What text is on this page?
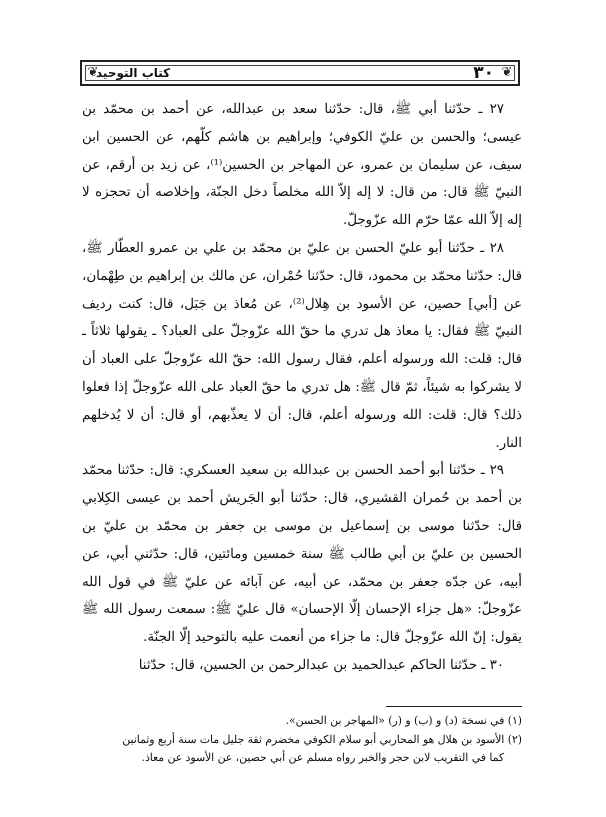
❦
٣٠
كتاب التوحيد
❦

٢٧ ـ حدّثنا أبي ﷺ، قال: حدّثنا سعد بن عبدالله، عن أحمد بن محمّد بن عيسى؛ والحسن بن عليّ الكوفي؛ وإبراهيم بن هاشم كلّهم، عن الحسين ابن سيف، عن سليمان بن عمرو، عن المهاجر بن الحسين⁽¹⁾، عن زيد بن أرقم، عن النبيّ ﷺ قال: من قال: لا إله إلاّ الله مخلصاً دخل الجنّة، وإخلاصه أن تحجزه لا إله إلاّ الله عمّا حرّم الله عزّوجلّ.

٢٨ ـ حدّثنا أبو عليّ الحسن بن عليّ بن محمّد بن علي بن عمرو العطّار ﷺ، قال: حدّثنا محمّد بن محمود، قال: حدّثنا حُمْران، عن مالك بن إبراهيم بن طِهْمان، عن [أبي] حصين، عن الأسود بن هِلال⁽²⁾، عن مُعاذ بن جَبَل، قال: كنت رديف النبيّ ﷺ فقال: يا معاذ هل تدري ما حقّ الله عزّوجلّ على العباد؟ ـ يقولها ثلاثاً ـ قال: قلت: الله ورسوله أعلم، فقال رسول الله: حقّ الله عزّوجلّ على العباد أن لا يشركوا به شيئاً، ثمّ قال ﷺ: هل تدري ما حقّ العباد على الله عزّوجلّ إذا فعلوا ذلك؟ قال: قلت: الله ورسوله أعلم، قال: أن لا يعذّبهم، أو قال: أن لا يُدخلهم النار.

٢٩ ـ حدّثنا أبو أحمد الحسن بن عبدالله بن سعيد العسكري: قال: حدّثنا محمّد بن أحمد بن حُمران القشيري، قال: حدّثنا أبو الجَريش أحمد بن عيسى الكِلابي قال: حدّثنا موسى بن إسماعيل بن موسى بن جعفر بن محمّد بن عليّ بن الحسين بن عليّ بن أبي طالب ﷺ سنة خمسين ومائتين، قال: حدّثني أبي، عن أبيه، عن جدّه جعفر بن محمّد، عن أبيه، عن آبائه عن عليّ ﷺ في قول الله عزّوجلّ: «هل جزاء الإحسان إلّا الإحسان» قال عليّ ﷺ: سمعت رسول الله ﷺ يقول: إنّ الله عزّوجلّ قال: ما جزاء من أنعمت عليه بالتوحيد إلّا الجنّة.

٣٠ ـ حدّثنا الحاكم عبدالحميد بن عبدالرحمن بن الحسين، قال: حدّثنا

(١) في نسخة (د) و (ب) و (ر) «المهاجر بن الحسن».

(٢) الأسود بن هلال هو المحاربي أبو سلام الكوفي مخضرم ثقة جليل مات سنة أربع وثمانين

كما في التقريب لابن حجر والخبر رواه مسلم عن أبي حصين، عن الأسود عن معاذ.
